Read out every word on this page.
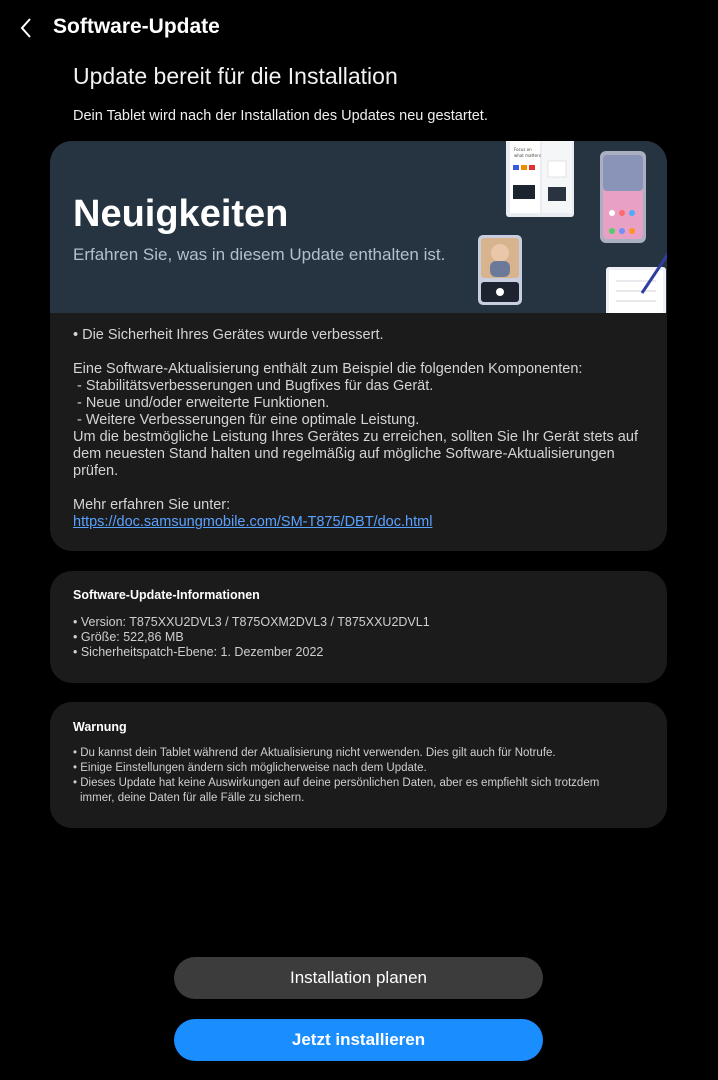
Software-Update
Update bereit für die Installation
Dein Tablet wird nach der Installation des Updates neu gestartet.
Neuigkeiten
Erfahren Sie, was in diesem Update enthalten ist.
Focus on
what matters
• Die Sicherheit Ihres Gerätes wurde verbessert.
Eine Software-Aktualisierung enthält zum Beispiel die folgenden Komponenten:
- Stabilitätsverbesserungen und Bugfixes für das Gerät.
- Neue und/oder erweiterte Funktionen.
- Weitere Verbesserungen für eine optimale Leistung.
Um die bestmögliche Leistung Ihres Gerätes zu erreichen, sollten Sie Ihr Gerät stets auf
dem neuesten Stand halten und regelmäßig auf mögliche Software-Aktualisierungen
prüfen.
Mehr erfahren Sie unter:
https://doc.samsungmobile.com/SM-T875/DBT/doc.html
Software-Update-Informationen
• Version: T875XXU2DVL3 / T875OXM2DVL3 / T875XXU2DVL1
• Größe: 522,86 MB
• Sicherheitspatch-Ebene: 1. Dezember 2022
Warnung
• Du kannst dein Tablet während der Aktualisierung nicht verwenden. Dies gilt auch für Notrufe.
• Einige Einstellungen ändern sich möglicherweise nach dem Update.
• Dieses Update hat keine Auswirkungen auf deine persönlichen Daten, aber es empfiehlt sich trotzdem
immer, deine Daten für alle Fälle zu sichern.
Installation planen
Jetzt installieren
